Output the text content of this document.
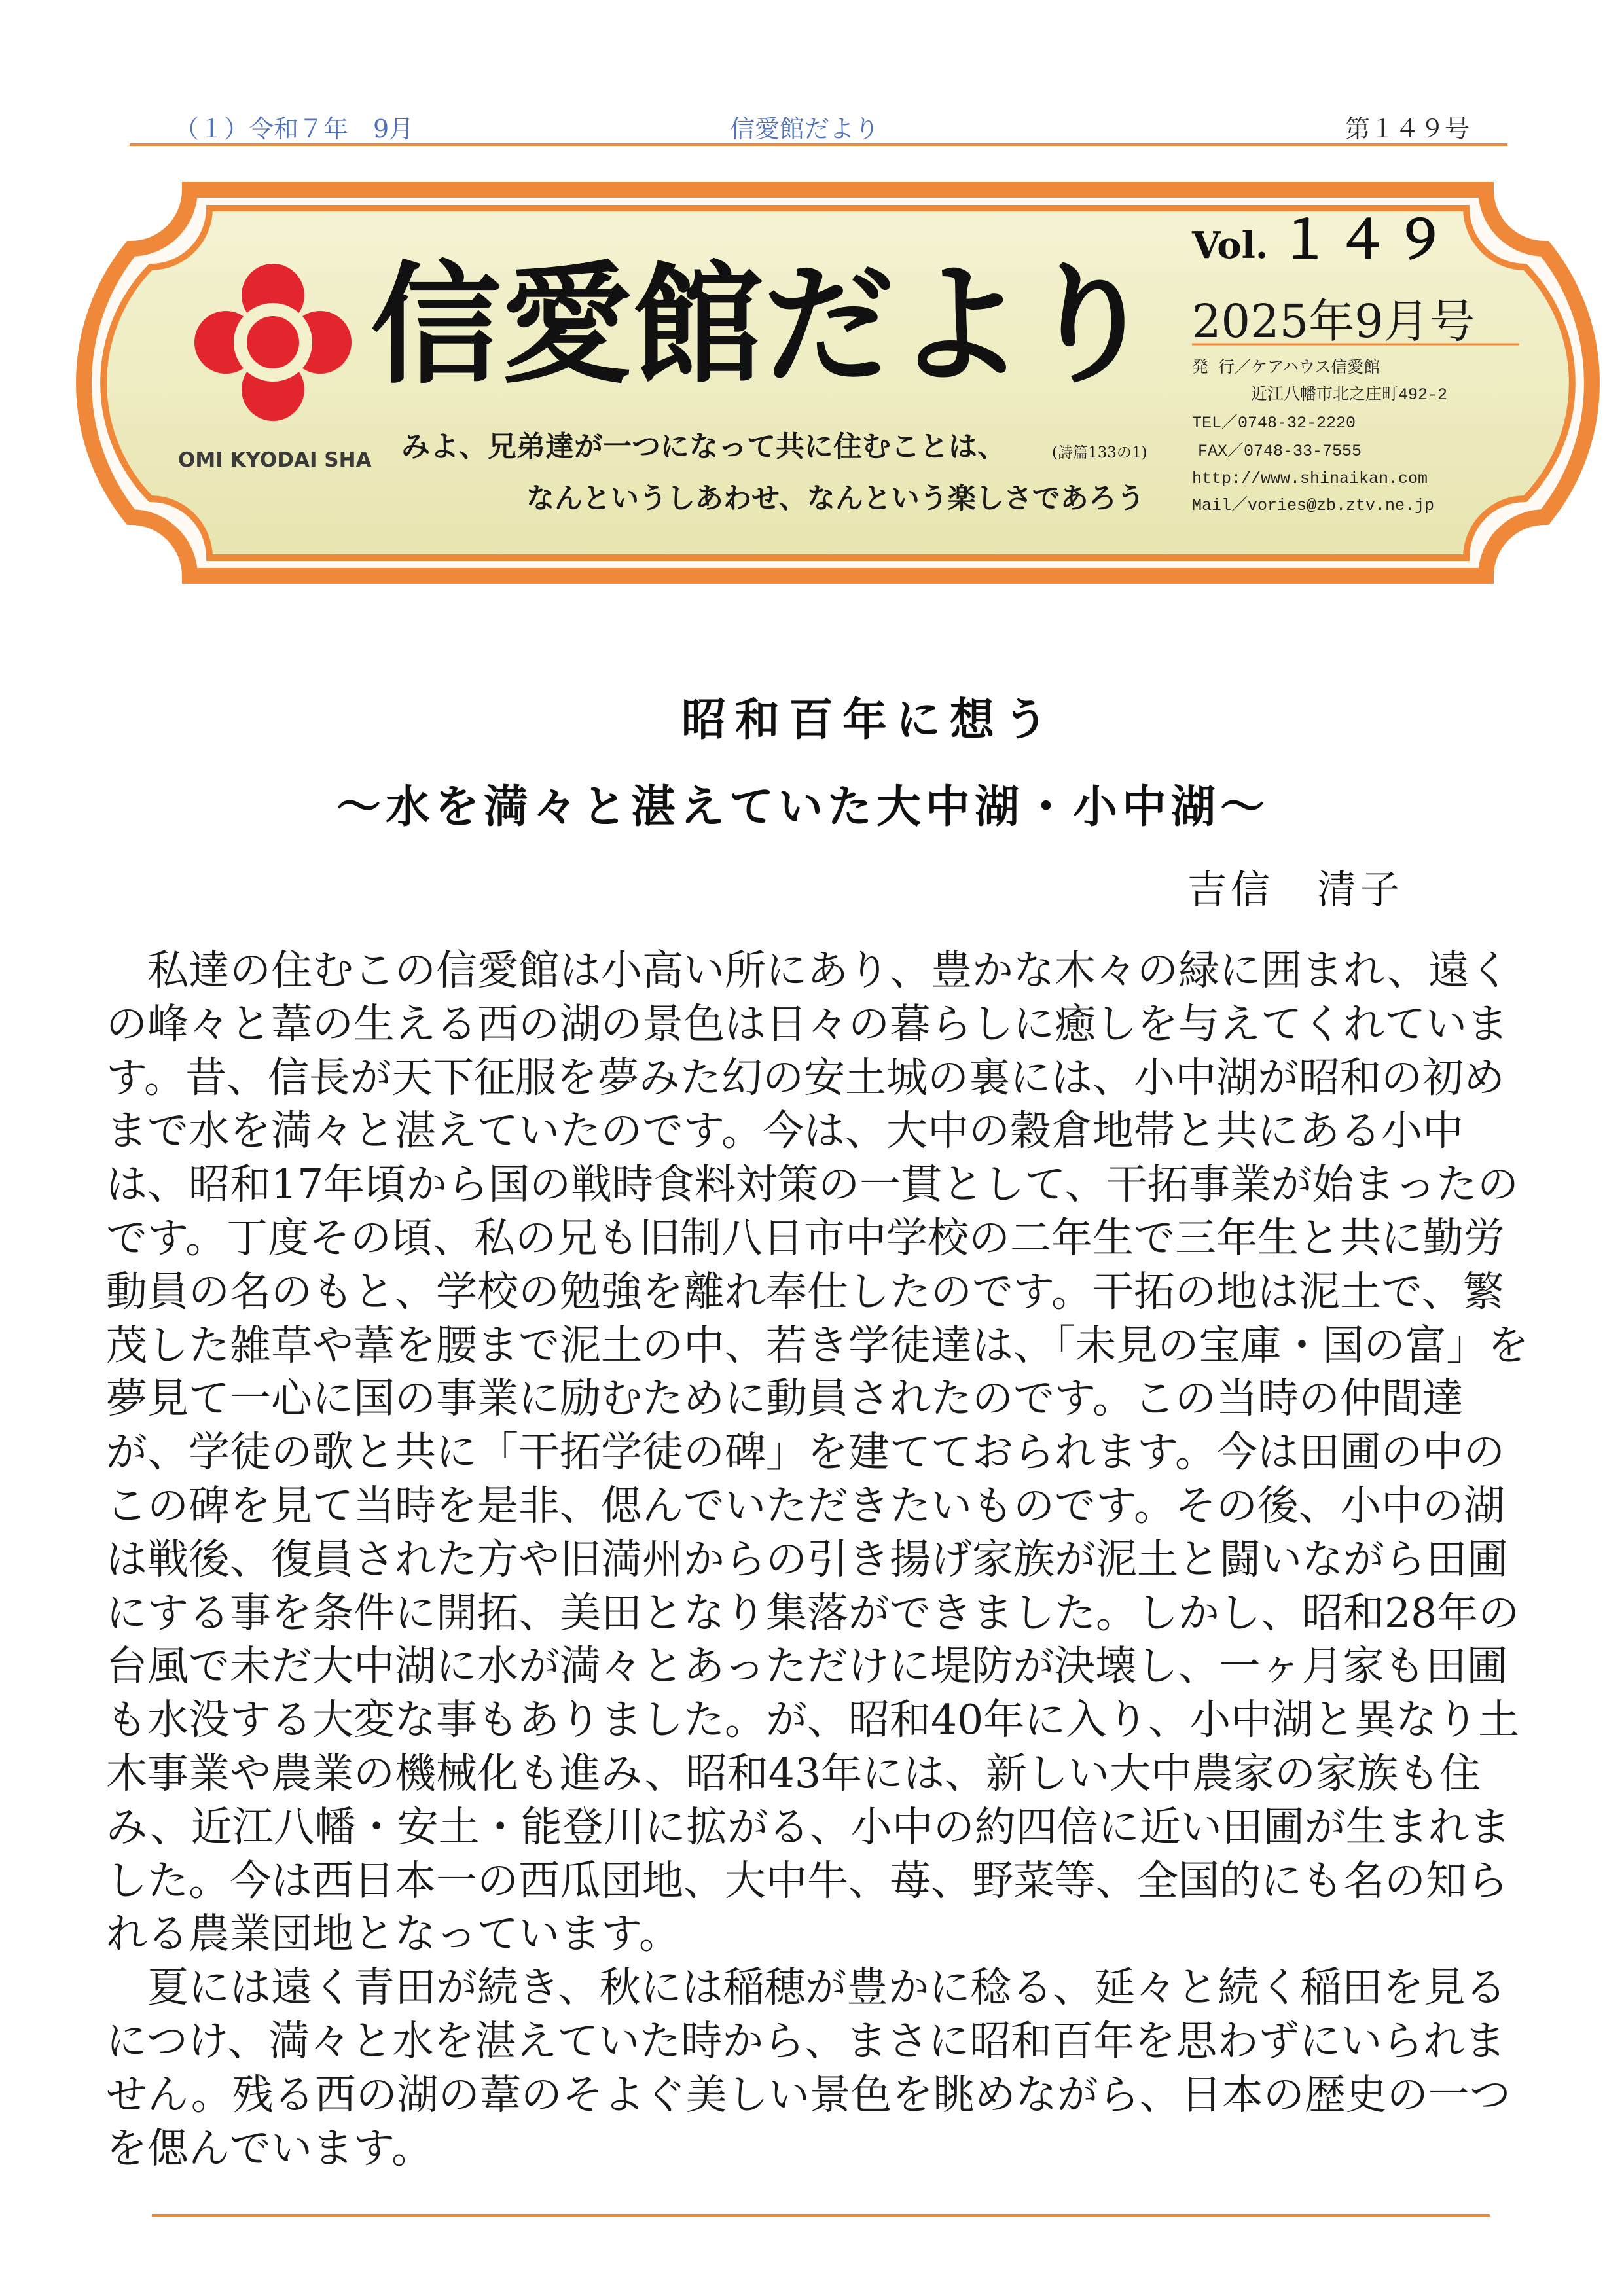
（１）令和７年　9月	信愛館だより	第１４９号
OMI KYODAI SHA
信愛館だより
みよ、兄弟達が一つになって共に住むことは、	(詩篇133の1)
なんというしあわせ、なんという楽しさであろう
Vol. １４９
2025年9月号
発 行／ケアハウス信愛館
近江八幡市北之庄町492-2
TEL／0748-32-2220
FAX／0748-33-7555
http://www.shinaikan.com
Mail／vories@zb.ztv.ne.jp
昭和百年に想う
～水を満々と湛えていた大中湖・小中湖～
吉信　清子
　私達の住むこの信愛館は小高い所にあり、豊かな木々の緑に囲まれ、遠く
の峰々と葦の生える西の湖の景色は日々の暮らしに癒しを与えてくれていま
す。昔、信長が天下征服を夢みた幻の安土城の裏には、小中湖が昭和の初め
まで水を満々と湛えていたのです。今は、大中の穀倉地帯と共にある小中
は、昭和17年頃から国の戦時食料対策の一貫として、干拓事業が始まったの
です。丁度その頃、私の兄も旧制八日市中学校の二年生で三年生と共に勤労
動員の名のもと、学校の勉強を離れ奉仕したのです。干拓の地は泥土で、繁
茂した雑草や葦を腰まで泥土の中、若き学徒達は、「未見の宝庫・国の富」を
夢見て一心に国の事業に励むために動員されたのです。この当時の仲間達
が、学徒の歌と共に「干拓学徒の碑」を建てておられます。今は田圃の中の
この碑を見て当時を是非、偲んでいただきたいものです。その後、小中の湖
は戦後、復員された方や旧満州からの引き揚げ家族が泥土と闘いながら田圃
にする事を条件に開拓、美田となり集落ができました。しかし、昭和28年の
台風で未だ大中湖に水が満々とあっただけに堤防が決壊し、一ヶ月家も田圃
も水没する大変な事もありました。が、昭和40年に入り、小中湖と異なり土
木事業や農業の機械化も進み、昭和43年には、新しい大中農家の家族も住
み、近江八幡・安土・能登川に拡がる、小中の約四倍に近い田圃が生まれま
した。今は西日本一の西瓜団地、大中牛、苺、野菜等、全国的にも名の知ら
れる農業団地となっています。
　夏には遠く青田が続き、秋には稲穂が豊かに稔る、延々と続く稲田を見る
につけ、満々と水を湛えていた時から、まさに昭和百年を思わずにいられま
せん。残る西の湖の葦のそよぐ美しい景色を眺めながら、日本の歴史の一つ
を偲んでいます。
